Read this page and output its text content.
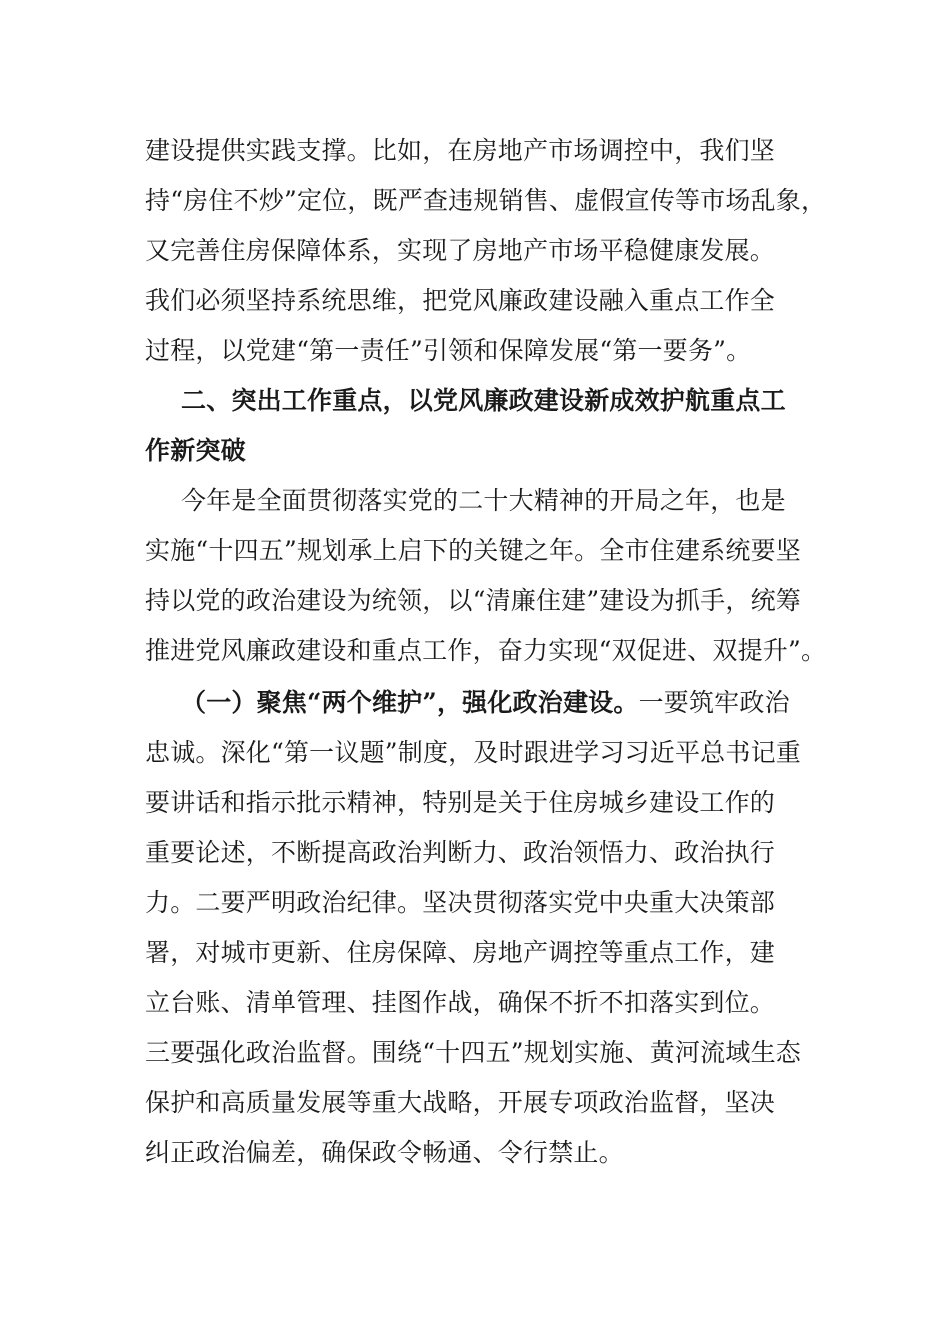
建设提供实践支撑。比如，在房地产市场调控中，我们坚
持“房住不炒”定位，既严查违规销售、虚假宣传等市场乱象，
又完善住房保障体系，实现了房地产市场平稳健康发展。
我们必须坚持系统思维，把党风廉政建设融入重点工作全
过程，以党建“第一责任”引领和保障发展“第一要务”。
二、突出工作重点，以党风廉政建设新成效护航重点工
作新突破
今年是全面贯彻落实党的二十大精神的开局之年，也是
实施“十四五”规划承上启下的关键之年。全市住建系统要坚
持以党的政治建设为统领，以“清廉住建”建设为抓手，统筹
推进党风廉政建设和重点工作，奋力实现“双促进、双提升”。
（一）聚焦“两个维护”，强化政治建设。一要筑牢政治
忠诚。深化“第一议题”制度，及时跟进学习习近平总书记重
要讲话和指示批示精神，特别是关于住房城乡建设工作的
重要论述，不断提高政治判断力、政治领悟力、政治执行
力。二要严明政治纪律。坚决贯彻落实党中央重大决策部
署，对城市更新、住房保障、房地产调控等重点工作，建
立台账、清单管理、挂图作战，确保不折不扣落实到位。
三要强化政治监督。围绕“十四五”规划实施、黄河流域生态
保护和高质量发展等重大战略，开展专项政治监督，坚决
纠正政治偏差，确保政令畅通、令行禁止。
